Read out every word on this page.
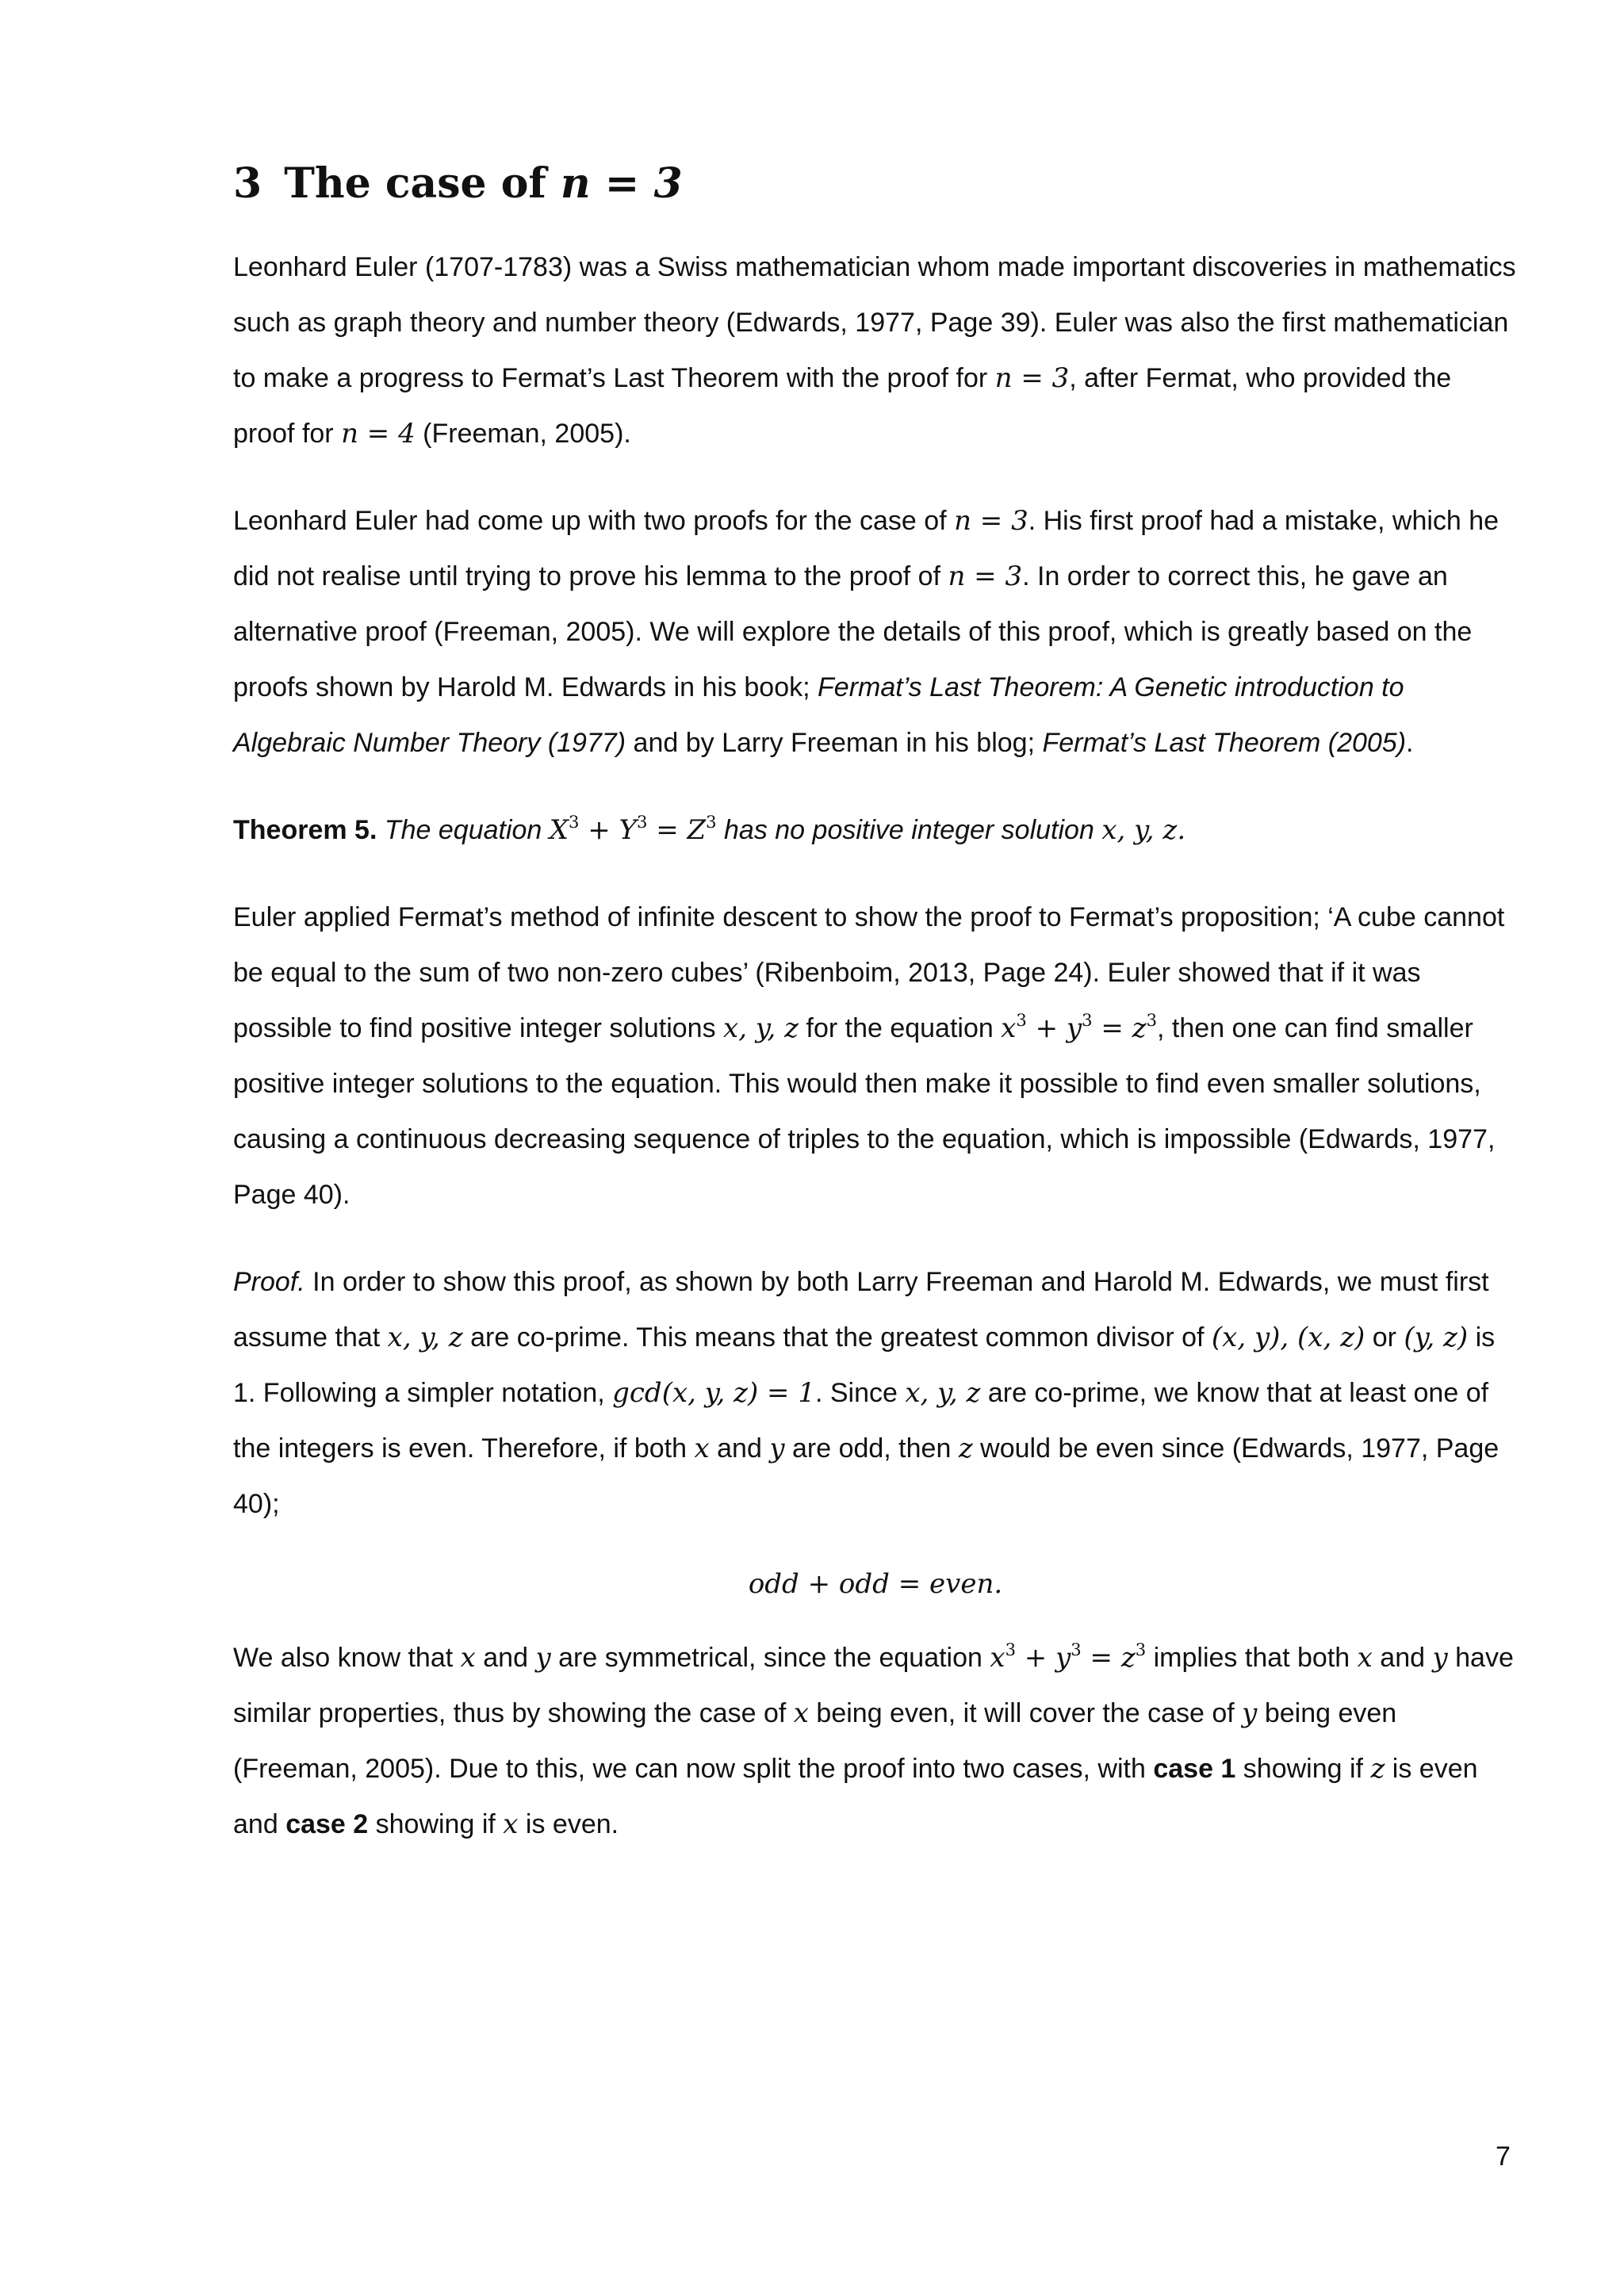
3 The case of n = 3

Leonhard Euler (1707-1783) was a Swiss mathematician whom made important discoveries in mathematics such as graph theory and number theory (Edwards, 1977, Page 39). Euler was also the first mathematician to make a progress to Fermat’s Last Theorem with the proof for n = 3, after Fermat, who provided the proof for n = 4 (Freeman, 2005).

Leonhard Euler had come up with two proofs for the case of n = 3. His first proof had a mistake, which he did not realise until trying to prove his lemma to the proof of n = 3. In order to correct this, he gave an alternative proof (Freeman, 2005). We will explore the details of this proof, which is greatly based on the proofs shown by Harold M. Edwards in his book; Fermat’s Last Theorem: A Genetic introduction to Algebraic Number Theory (1977) and by Larry Freeman in his blog; Fermat’s Last Theorem (2005).

Theorem 5. The equation $X^3 + Y^3 = Z^3$ has no positive integer solution x, y, z.

Euler applied Fermat’s method of infinite descent to show the proof to Fermat’s proposition; ‘A cube cannot be equal to the sum of two non-zero cubes’ (Ribenboim, 2013, Page 24). Euler showed that if it was possible to find positive integer solutions x, y, z for the equation $x^3 + y^3 = z^3$, then one can find smaller positive integer solutions to the equation. This would then make it possible to find even smaller solutions, causing a continuous decreasing sequence of triples to the equation, which is impossible (Edwards, 1977, Page 40).

Proof. In order to show this proof, as shown by both Larry Freeman and Harold M. Edwards, we must first assume that x, y, z are co-prime. This means that the greatest common divisor of (x, y), (x, z) or (y, z) is 1. Following a simpler notation, gcd(x, y, z) = 1. Since x, y, z are co-prime, we know that at least one of the integers is even. Therefore, if both x and y are odd, then z would be even since (Edwards, 1977, Page 40);

odd + odd = even.

We also know that x and y are symmetrical, since the equation $x^3 + y^3 = z^3$ implies that both x and y have similar properties, thus by showing the case of x being even, it will cover the case of y being even (Freeman, 2005). Due to this, we can now split the proof into two cases, with case 1 showing if z is even and case 2 showing if x is even.

7
